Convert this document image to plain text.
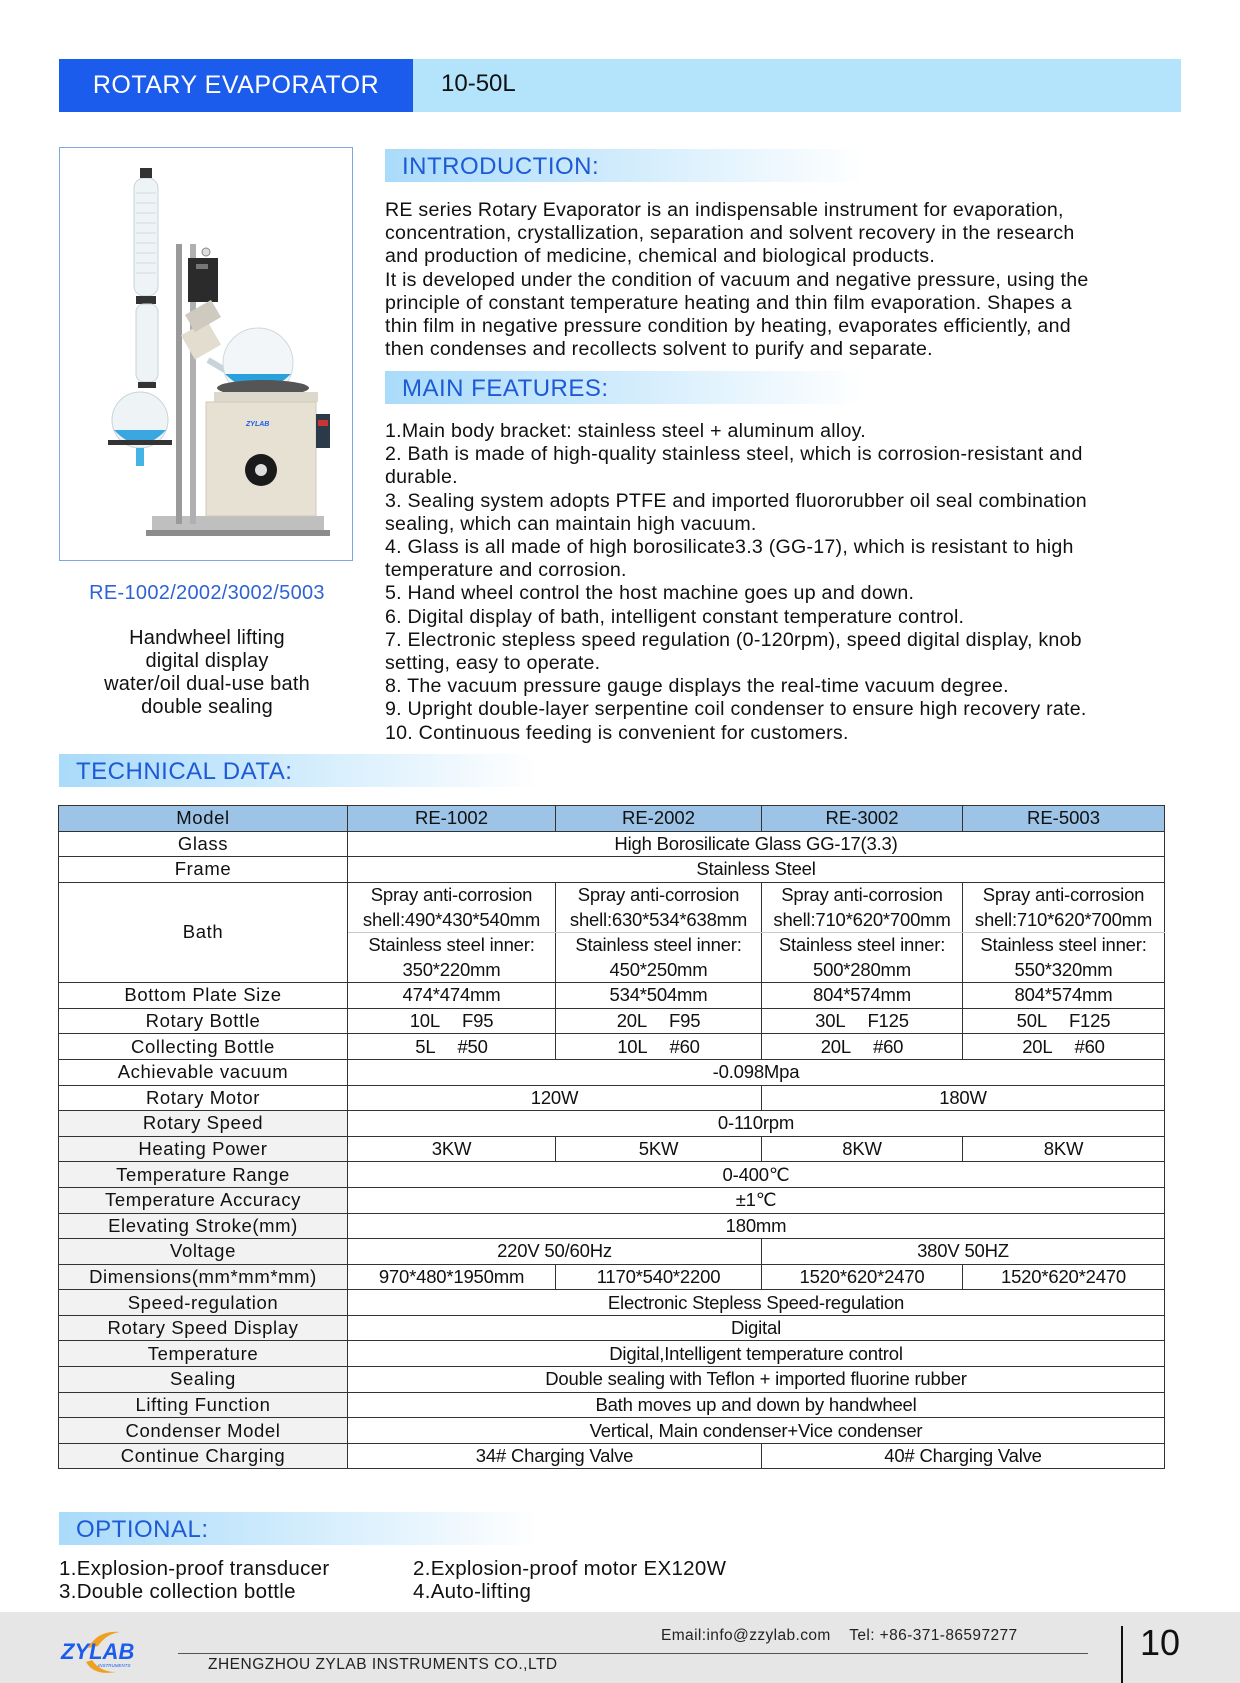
ROTARY EVAPORATOR	10-50L
ZYLAB
RE-1002/2002/3002/5003
Handwheel lifting
digital display
water/oil dual-use bath
double sealing
INTRODUCTION:
RE series Rotary Evaporator is an indispensable instrument for evaporation,
concentration, crystallization, separation and solvent recovery in the research
and production of medicine, chemical and biological products.
It is developed under the condition of vacuum and negative pressure, using the
principle of constant temperature heating and thin film evaporation. Shapes a
thin film in negative pressure condition by heating, evaporates efficiently, and
then condenses and recollects solvent to purify and separate.
MAIN FEATURES:
1.Main body bracket: stainless steel + aluminum alloy.
2. Bath is made of high-quality stainless steel, which is corrosion-resistant and
durable.
3. Sealing system adopts PTFE and imported fluororubber oil seal combination
sealing, which can maintain high vacuum.
4. Glass is all made of high borosilicate3.3 (GG-17), which is resistant to high
temperature and corrosion.
5. Hand wheel control the host machine goes up and down.
6. Digital display of bath, intelligent constant temperature control.
7. Electronic stepless speed regulation (0-120rpm), speed digital display, knob
setting, easy to operate.
8. The vacuum pressure gauge displays the real-time vacuum degree.
9. Upright double-layer serpentine coil condenser to ensure high recovery rate.
10. Continuous feeding is convenient for customers.
TECHNICAL DATA:
Model	RE-1002	RE-2002	RE-3002	RE-5003
Glass	High Borosilicate Glass GG-17(3.3)			
Frame	Stainless Steel			
Bath	Spray anti-corrosion	Spray anti-corrosion	Spray anti-corrosion	Spray anti-corrosion
	shell:490*430*540mm	shell:630*534*638mm	shell:710*620*700mm	shell:710*620*700mm
	Stainless steel inner:	Stainless steel inner:	Stainless steel inner:	Stainless steel inner:
	350*220mm	450*250mm	500*280mm	550*320mm
Bottom Plate Size	474*474mm	534*504mm	804*574mm	804*574mm
Rotary Bottle	10L F95	20L F95	30L F125	50L F125
Collecting Bottle	5L #50	10L #60	20L #60	20L #60
Achievable vacuum	-0.098Mpa			
Rotary Motor	120W		180W	
Rotary Speed	0-110rpm			
Heating Power	3KW	5KW	8KW	8KW
Temperature Range	0-400℃			
Temperature Accuracy	±1℃			
Elevating Stroke(mm)	180mm			
Voltage	220V 50/60Hz		380V 50HZ	
Dimensions(mm*mm*mm)	970*480*1950mm	1170*540*2200	1520*620*2470	1520*620*2470
Speed-regulation	Electronic Stepless Speed-regulation			
Rotary Speed Display	Digital			
Temperature	Digital,Intelligent temperature control			
Sealing	Double sealing with Teflon + imported fluorine rubber			
Lifting Function	Bath moves up and down by handwheel			
Condenser Model	Vertical, Main condenser+Vice condenser			
Continue Charging	34# Charging Valve		40# Charging Valve	
OPTIONAL:
1.Explosion-proof transducer	2.Explosion-proof motor EX120W
3.Double collection bottle	4.Auto-lifting
ZYLAB
INSTRUMENTS
Email:info@zzylab.com    Tel: +86-371-86597277
ZHENGZHOU ZYLAB INSTRUMENTS CO.,LTD
10
